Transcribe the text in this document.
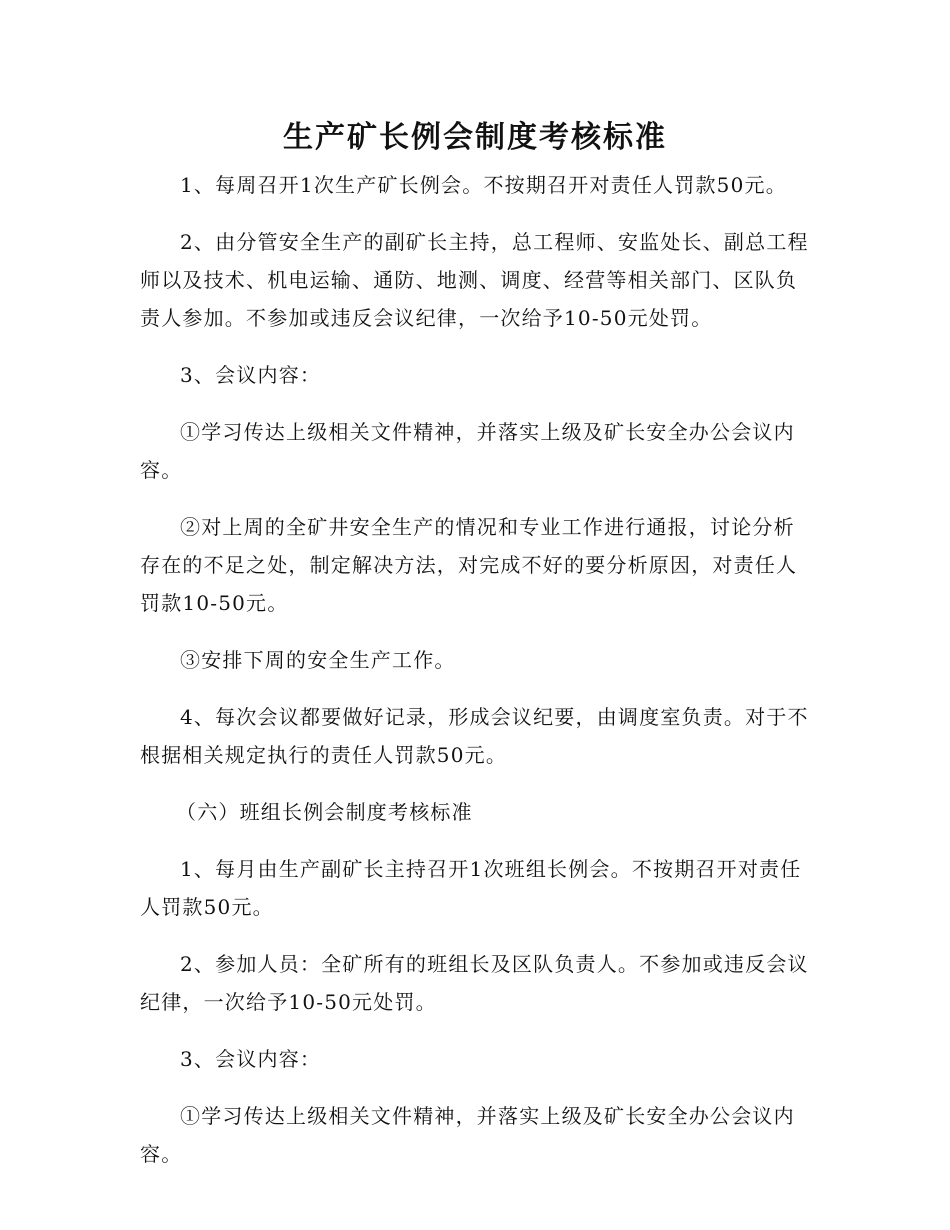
生产矿长例会制度考核标准

1、每周召开1次生产矿长例会。不按期召开对责任人罚款50元。

2、由分管安全生产的副矿长主持，总工程师、安监处长、副总工程师以及技术、机电运输、通防、地测、调度、经营等相关部门、区队负责人参加。不参加或违反会议纪律，一次给予10-50元处罚。

3、会议内容：

①学习传达上级相关文件精神，并落实上级及矿长安全办公会议内容。

②对上周的全矿井安全生产的情况和专业工作进行通报，讨论分析存在的不足之处，制定解决方法，对完成不好的要分析原因，对责任人罚款10-50元。

③安排下周的安全生产工作。

4、每次会议都要做好记录，形成会议纪要，由调度室负责。对于不根据相关规定执行的责任人罚款50元。

（六）班组长例会制度考核标准

1、每月由生产副矿长主持召开1次班组长例会。不按期召开对责任人罚款50元。

2、参加人员：全矿所有的班组长及区队负责人。不参加或违反会议纪律，一次给予10-50元处罚。

3、会议内容：

①学习传达上级相关文件精神，并落实上级及矿长安全办公会议内容。
